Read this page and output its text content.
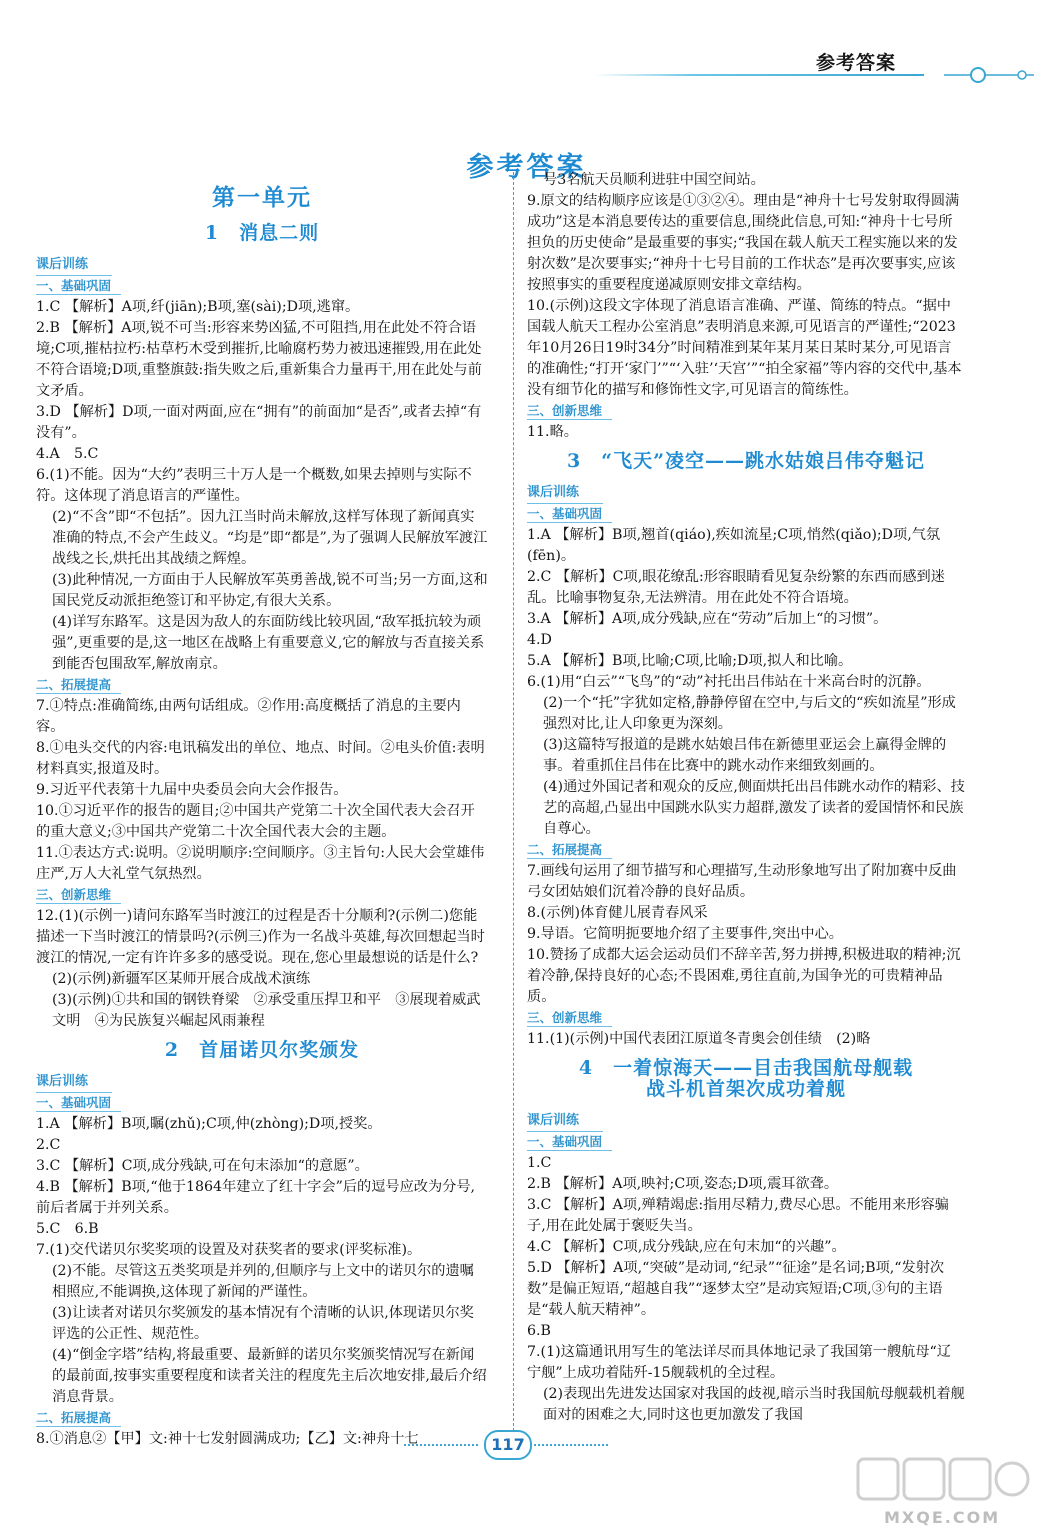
参考答案
参考答案
第一单元
1　消息二则
课后训练
一、基础巩固

1.C 【解析】A项,纤(jiān);B项,塞(sài);D项,逃窜。

2.B 【解析】A项,锐不可当:形容来势凶猛,不可阻挡,用在此处不符合语境;C项,摧枯拉朽:枯草朽木受到摧折,比喻腐朽势力被迅速摧毁,用在此处不符合语境;D项,重整旗鼓:指失败之后,重新集合力量再干,用在此处与前文矛盾。

3.D 【解析】D项,一面对两面,应在“拥有”的前面加“是否”,或者去掉“有没有”。

4.A　5.C

6.(1)不能。因为“大约”表明三十万人是一个概数,如果去掉则与实际不符。这体现了消息语言的严谨性。

(2)“不含”即“不包括”。因九江当时尚未解放,这样写体现了新闻真实准确的特点,不会产生歧义。“均是”即“都是”,为了强调人民解放军渡江战线之长,烘托出其战绩之辉煌。

(3)此种情况,一方面由于人民解放军英勇善战,锐不可当;另一方面,这和国民党反动派拒绝签订和平协定,有很大关系。

(4)详写东路军。这是因为敌人的东面防线比较巩固,“敌军抵抗较为顽强”,更重要的是,这一地区在战略上有重要意义,它的解放与否直接关系到能否包围敌军,解放南京。

二、拓展提高

7.①特点:准确简练,由两句话组成。②作用:高度概括了消息的主要内容。

8.①电头交代的内容:电讯稿发出的单位、地点、时间。②电头价值:表明材料真实,报道及时。

9.习近平代表第十九届中央委员会向大会作报告。

10.①习近平作的报告的题目;②中国共产党第二十次全国代表大会召开的重大意义;③中国共产党第二十次全国代表大会的主题。

11.①表达方式:说明。②说明顺序:空间顺序。③主旨句:人民大会堂雄伟庄严,万人大礼堂气氛热烈。

三、创新思维

12.(1)(示例一)请问东路军当时渡江的过程是否十分顺利?(示例二)您能描述一下当时渡江的情景吗?(示例三)作为一名战斗英雄,每次回想起当时渡江的情况,一定有许许多多的感受说。现在,您心里最想说的话是什么?

(2)(示例)新疆军区某师开展合成战术演练

(3)(示例)①共和国的钢铁脊梁　②承受重压捍卫和平　③展现着威武文明　④为民族复兴崛起风雨兼程

2　首届诺贝尔奖颁发
课后训练
一、基础巩固

1.A 【解析】B项,瞩(zhǔ);C项,仲(zhòng);D项,授奖。

2.C

3.C 【解析】C项,成分残缺,可在句末添加“的意愿”。

4.B 【解析】B项,“他于1864年建立了红十字会”后的逗号应改为分号,前后者属于并列关系。

5.C　6.B

7.(1)交代诺贝尔奖奖项的设置及对获奖者的要求(评奖标准)。

(2)不能。尽管这五类奖项是并列的,但顺序与上文中的诺贝尔的遗嘱相照应,不能调换,这体现了新闻的严谨性。

(3)让读者对诺贝尔奖颁发的基本情况有个清晰的认识,体现诺贝尔奖评选的公正性、规范性。

(4)“倒金字塔”结构,将最重要、最新鲜的诺贝尔奖颁奖情况写在新闻的最前面,按事实重要程度和读者关注的程度先主后次地安排,最后介绍消息背景。

二、拓展提高

8.①消息②【甲】文:神十七发射圆满成功;【乙】文:神舟十七

号3名航天员顺利进驻中国空间站。

9.原文的结构顺序应该是①③②④。理由是“神舟十七号发射取得圆满成功”这是本消息要传达的重要信息,围绕此信息,可知:“神舟十七号所担负的历史使命”是最重要的事实;“我国在载人航天工程实施以来的发射次数”是次要事实;“神舟十七号目前的工作状态”是再次要事实,应该按照事实的重要程度递减原则安排文章结构。

10.(示例)这段文字体现了消息语言准确、严谨、简练的特点。“据中国载人航天工程办公室消息”表明消息来源,可见语言的严谨性;“2023年10月26日19时34分”时间精准到某年某月某日某时某分,可见语言的准确性;“打开‘家门’”“‘入驻’‘天宫’”“拍全家福”等内容的交代中,基本没有细节化的描写和修饰性文字,可见语言的简练性。

三、创新思维

11.略。

3　“飞天”凌空——跳水姑娘吕伟夺魁记
课后训练
一、基础巩固

1.A 【解析】B项,翘首(qiáo),疾如流星;C项,悄然(qiǎo);D项,气氛(fēn)。

2.C 【解析】C项,眼花缭乱:形容眼睛看见复杂纷繁的东西而感到迷乱。比喻事物复杂,无法辨清。用在此处不符合语境。

3.A 【解析】A项,成分残缺,应在“劳动”后加上“的习惯”。

4.D

5.A 【解析】B项,比喻;C项,比喻;D项,拟人和比喻。

6.(1)用“白云”“飞鸟”的“动”衬托出吕伟站在十米高台时的沉静。

(2)一个“托”字犹如定格,静静停留在空中,与后文的“疾如流星”形成强烈对比,让人印象更为深刻。

(3)这篇特写报道的是跳水姑娘吕伟在新德里亚运会上赢得金牌的事。着重抓住吕伟在比赛中的跳水动作来细致刻画的。

(4)通过外国记者和观众的反应,侧面烘托出吕伟跳水动作的精彩、技艺的高超,凸显出中国跳水队实力超群,激发了读者的爱国情怀和民族自尊心。

二、拓展提高

7.画线句运用了细节描写和心理描写,生动形象地写出了附加赛中反曲弓女团姑娘们沉着冷静的良好品质。

8.(示例)体育健儿展青春风采

9.导语。它简明扼要地介绍了主要事件,突出中心。

10.赞扬了成都大运会运动员们不辞辛苦,努力拼搏,积极进取的精神;沉着冷静,保持良好的心态;不畏困难,勇往直前,为国争光的可贵精神品质。

三、创新思维

11.(1)(示例)中国代表团江原道冬青奥会创佳绩　(2)略

4　一着惊海天——目击我国航母舰载
战斗机首架次成功着舰
课后训练
一、基础巩固

1.C

2.B 【解析】A项,映衬;C项,姿态;D项,震耳欲聋。

3.C 【解析】A项,殚精竭虑:指用尽精力,费尽心思。不能用来形容骗子,用在此处属于褒贬失当。

4.C 【解析】C项,成分残缺,应在句末加“的兴趣”。

5.D 【解析】A项,“突破”是动词,“纪录”“征途”是名词;B项,“发射次数”是偏正短语,“超越自我”“逐梦太空”是动宾短语;C项,③句的主语是“载人航天精神”。

6.B

7.(1)这篇通讯用写生的笔法详尽而具体地记录了我国第一艘航母“辽宁舰”上成功着陆歼-15舰载机的全过程。

(2)表现出先进发达国家对我国的歧视,暗示当时我国航母舰载机着舰面对的困难之大,同时这也更加激发了我国

117
MXQE.COM
